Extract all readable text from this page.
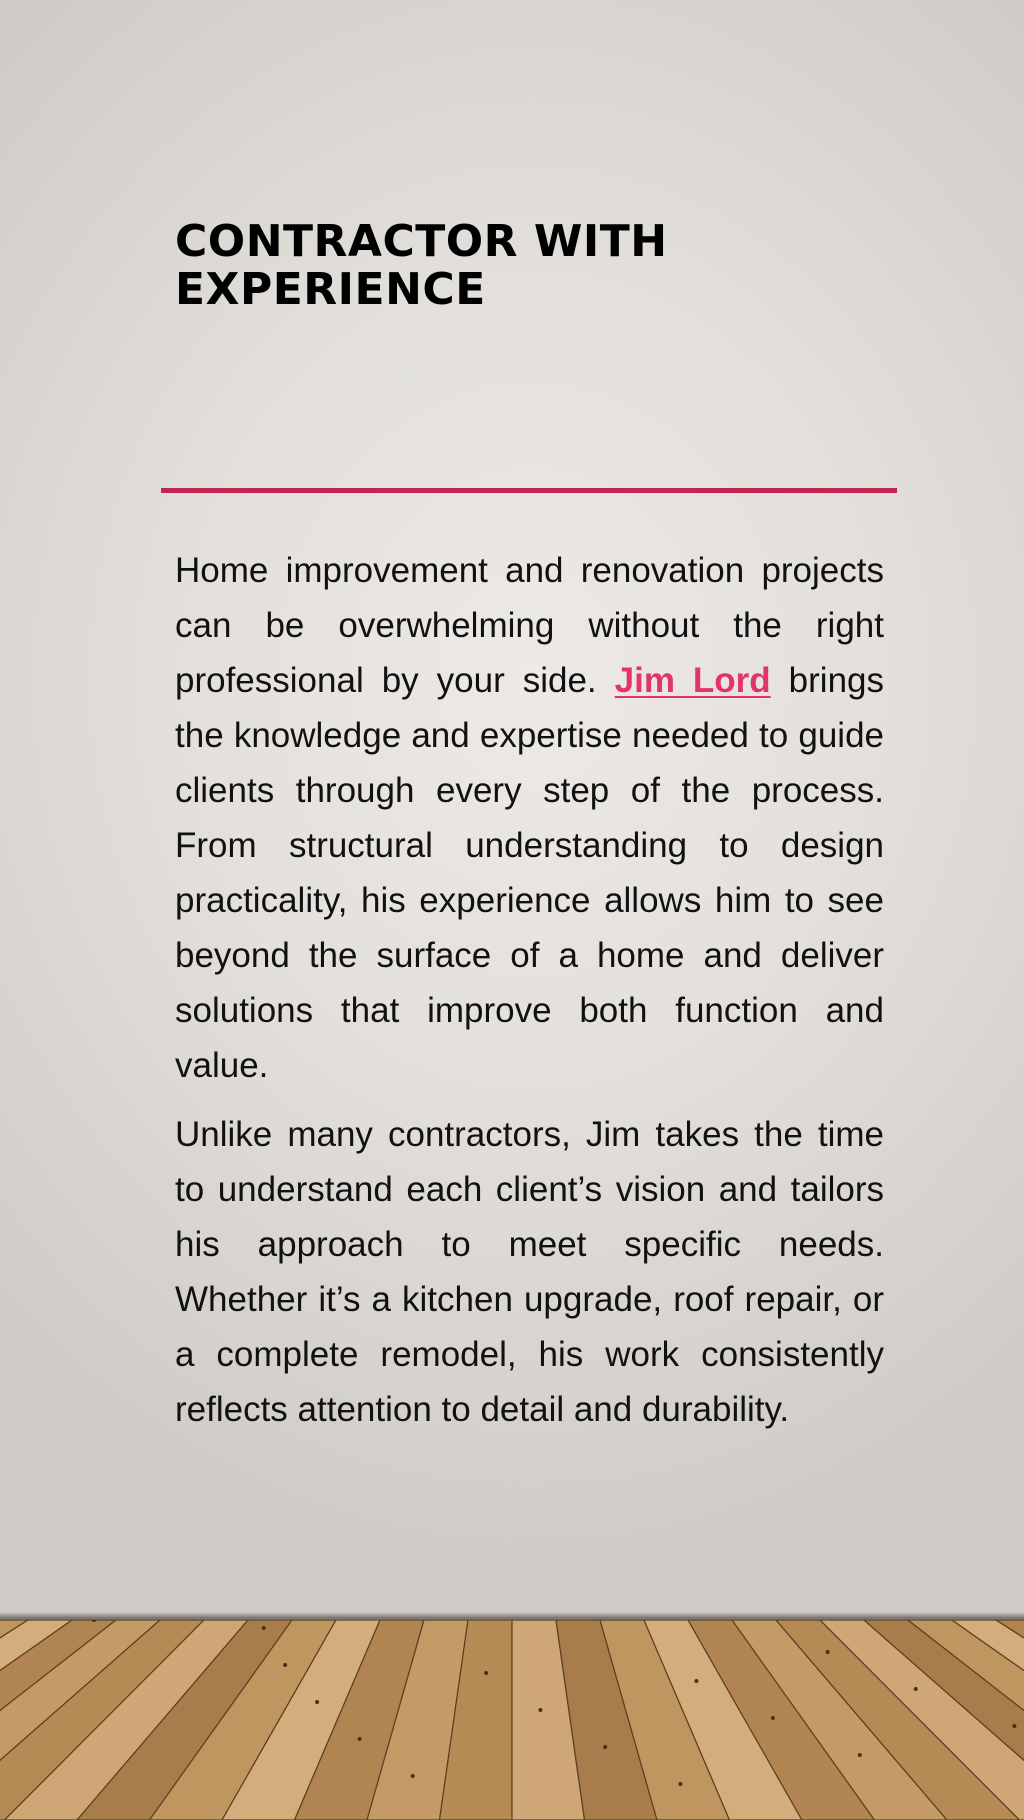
CONTRACTOR WITH
EXPERIENCE

Home improvement and renovation projects can be overwhelming without the right professional by your side. Jim Lord brings the knowledge and expertise needed to guide clients through every step of the process. From structural understanding to design practicality, his experience allows him to see beyond the surface of a home and deliver solutions that improve both function and value.

Unlike many contractors, Jim takes the time to understand each client’s vision and tailors his approach to meet specific needs. Whether it’s a kitchen upgrade, roof repair, or a complete remodel, his work consistently reflects attention to detail and durability.
